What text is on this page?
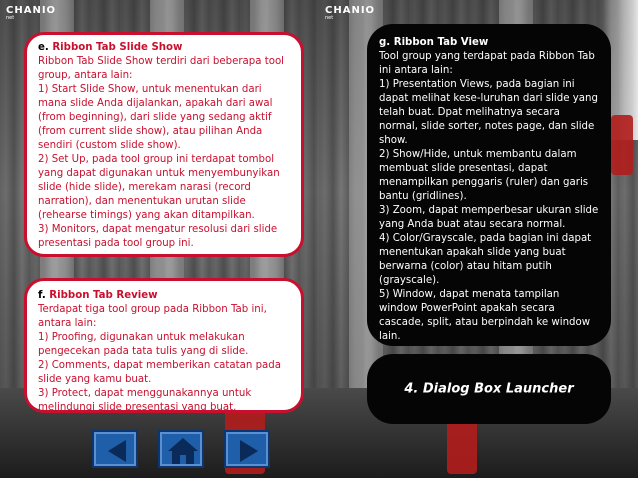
CHANIO
net
e. Ribbon Tab Slide Show
Ribbon Tab Slide Show terdiri dari beberapa tool group, antara lain:
1) Start Slide Show, untuk menentukan dari mana slide Anda dijalankan, apakah dari awal (from beginning), dari slide yang sedang aktif (from current slide show), atau pilihan Anda sendiri (custom slide show).
2) Set Up, pada tool group ini terdapat tombol yang dapat digunakan untuk menyembunyikan slide (hide slide), merekam narasi (record narration), dan menentukan urutan slide (rehearse timings) yang akan ditampilkan.
3) Monitors, dapat mengatur resolusi dari slide presentasi pada tool group ini.
f. Ribbon Tab Review
Terdapat tiga tool group pada Ribbon Tab ini, antara lain:
1) Proofing, digunakan untuk melakukan pengecekan pada tata tulis yang di slide.
2) Comments, dapat memberikan catatan pada slide yang kamu buat.
3) Protect, dapat menggunakannya untuk melindungi slide presentasi yang buat.
CHANIO
net
g. Ribbon Tab View
Tool group yang terdapat pada Ribbon Tab ini antara lain:
1) Presentation Views, pada bagian ini dapat melihat kese-luruhan dari slide yang telah buat. Dpat melihatnya secara normal, slide sorter, notes page, dan slide show.
2) Show/Hide, untuk membantu dalam membuat slide presentasi, dapat menampilkan penggaris (ruler) dan garis bantu (gridlines).
3) Zoom, dapat memperbesar ukuran slide yang Anda buat atau secara normal.
4) Color/Grayscale, pada bagian ini dapat menentukan apakah slide yang buat berwarna (color) atau hitam putih (grayscale).
5) Window, dapat menata tampilan window PowerPoint apakah secara cascade, split, atau berpindah ke window lain.
4. Dialog Box Launcher
